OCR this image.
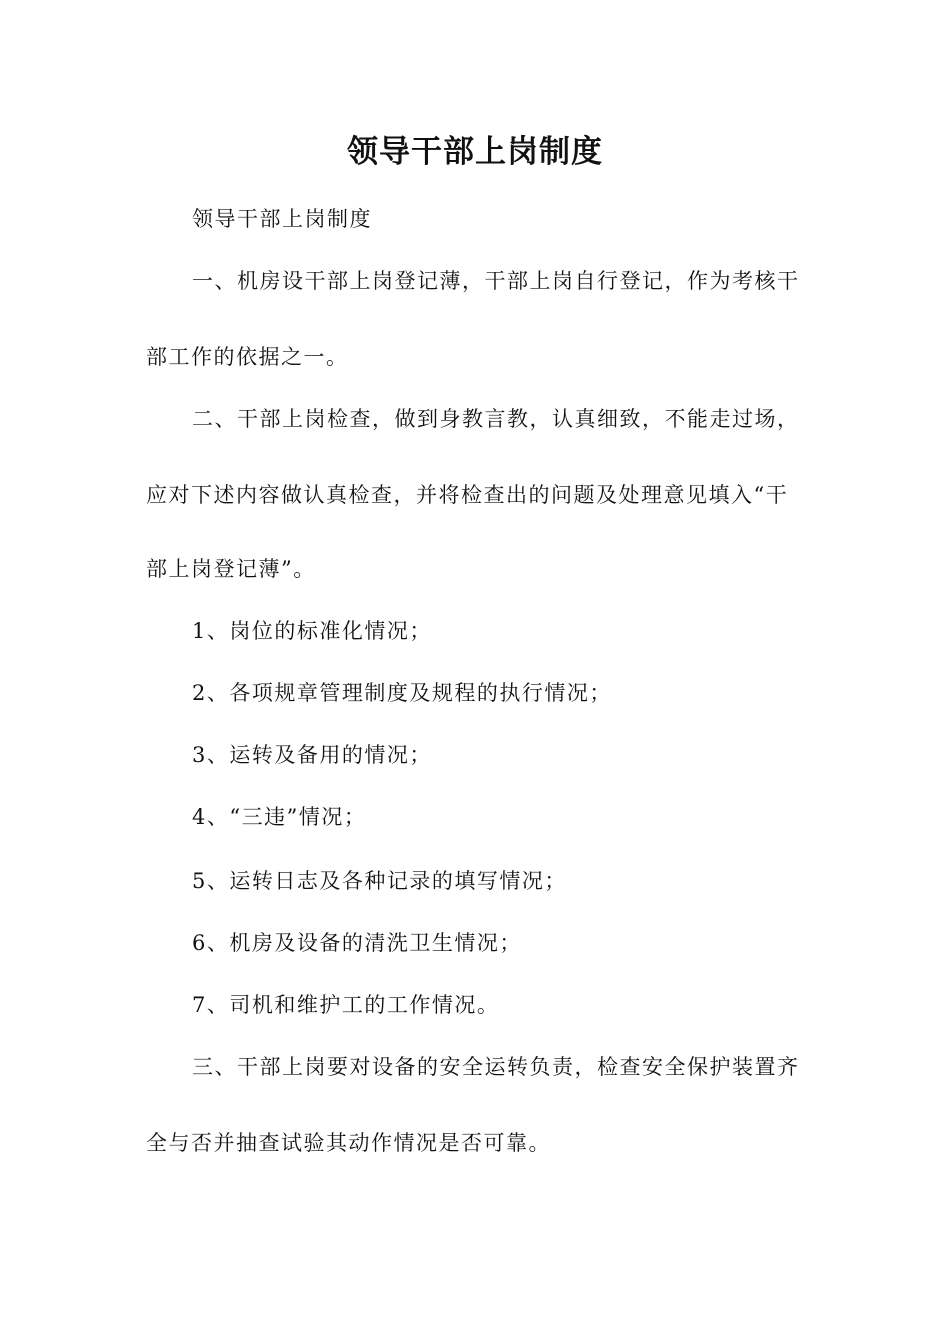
领导干部上岗制度
领导干部上岗制度
一、机房设干部上岗登记薄，干部上岗自行登记，作为考核干
部工作的依据之一。
二、干部上岗检查，做到身教言教，认真细致，不能走过场，
应对下述内容做认真检查，并将检查出的问题及处理意见填入“干
部上岗登记薄”。
1、岗位的标准化情况；
2、各项规章管理制度及规程的执行情况；
3、运转及备用的情况；
4、“三违”情况；
5、运转日志及各种记录的填写情况；
6、机房及设备的清洗卫生情况；
7、司机和维护工的工作情况。
三、干部上岗要对设备的安全运转负责，检查安全保护装置齐
全与否并抽查试验其动作情况是否可靠。
